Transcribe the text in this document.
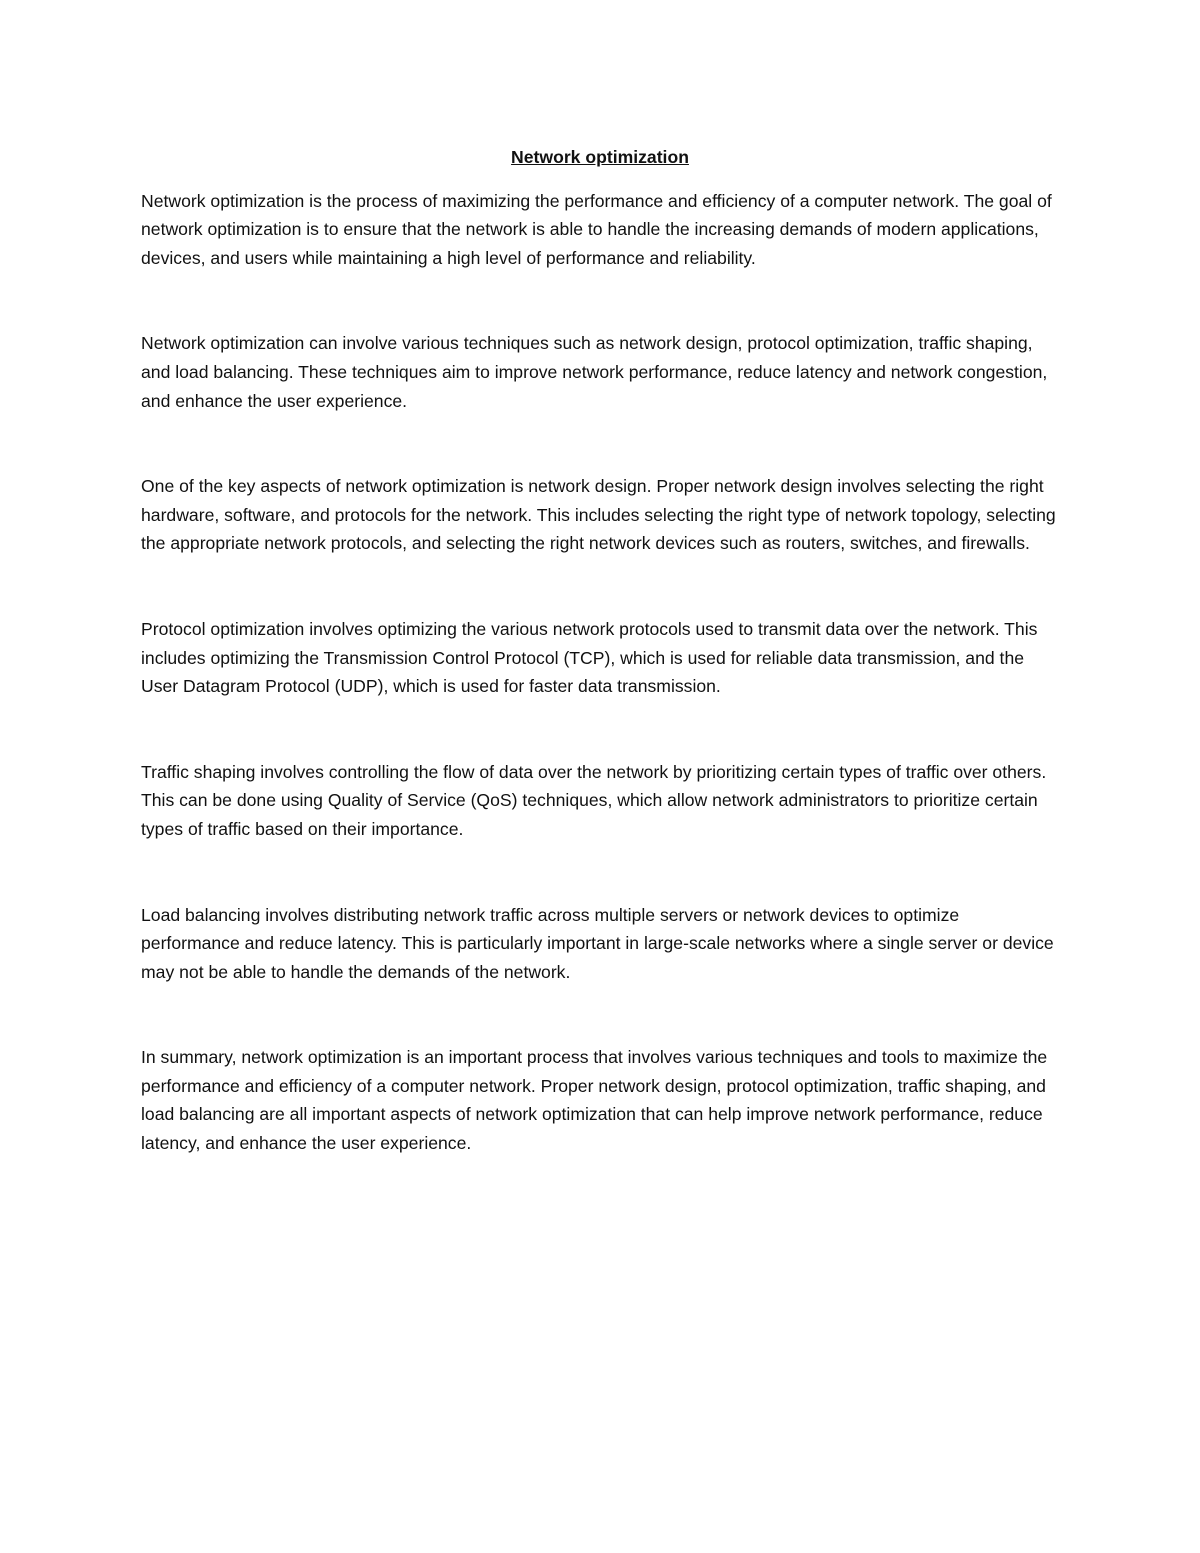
Network optimization

Network optimization is the process of maximizing the performance and efficiency of a computer network. The goal of network optimization is to ensure that the network is able to handle the increasing demands of modern applications, devices, and users while maintaining a high level of performance and reliability.

Network optimization can involve various techniques such as network design, protocol optimization, traffic shaping, and load balancing. These techniques aim to improve network performance, reduce latency and network congestion, and enhance the user experience.

One of the key aspects of network optimization is network design. Proper network design involves selecting the right hardware, software, and protocols for the network. This includes selecting the right type of network topology, selecting the appropriate network protocols, and selecting the right network devices such as routers, switches, and firewalls.

Protocol optimization involves optimizing the various network protocols used to transmit data over the network. This includes optimizing the Transmission Control Protocol (TCP), which is used for reliable data transmission, and the User Datagram Protocol (UDP), which is used for faster data transmission.

Traffic shaping involves controlling the flow of data over the network by prioritizing certain types of traffic over others. This can be done using Quality of Service (QoS) techniques, which allow network administrators to prioritize certain types of traffic based on their importance.

Load balancing involves distributing network traffic across multiple servers or network devices to optimize performance and reduce latency. This is particularly important in large-scale networks where a single server or device may not be able to handle the demands of the network.

In summary, network optimization is an important process that involves various techniques and tools to maximize the performance and efficiency of a computer network. Proper network design, protocol optimization, traffic shaping, and load balancing are all important aspects of network optimization that can help improve network performance, reduce latency, and enhance the user experience.
